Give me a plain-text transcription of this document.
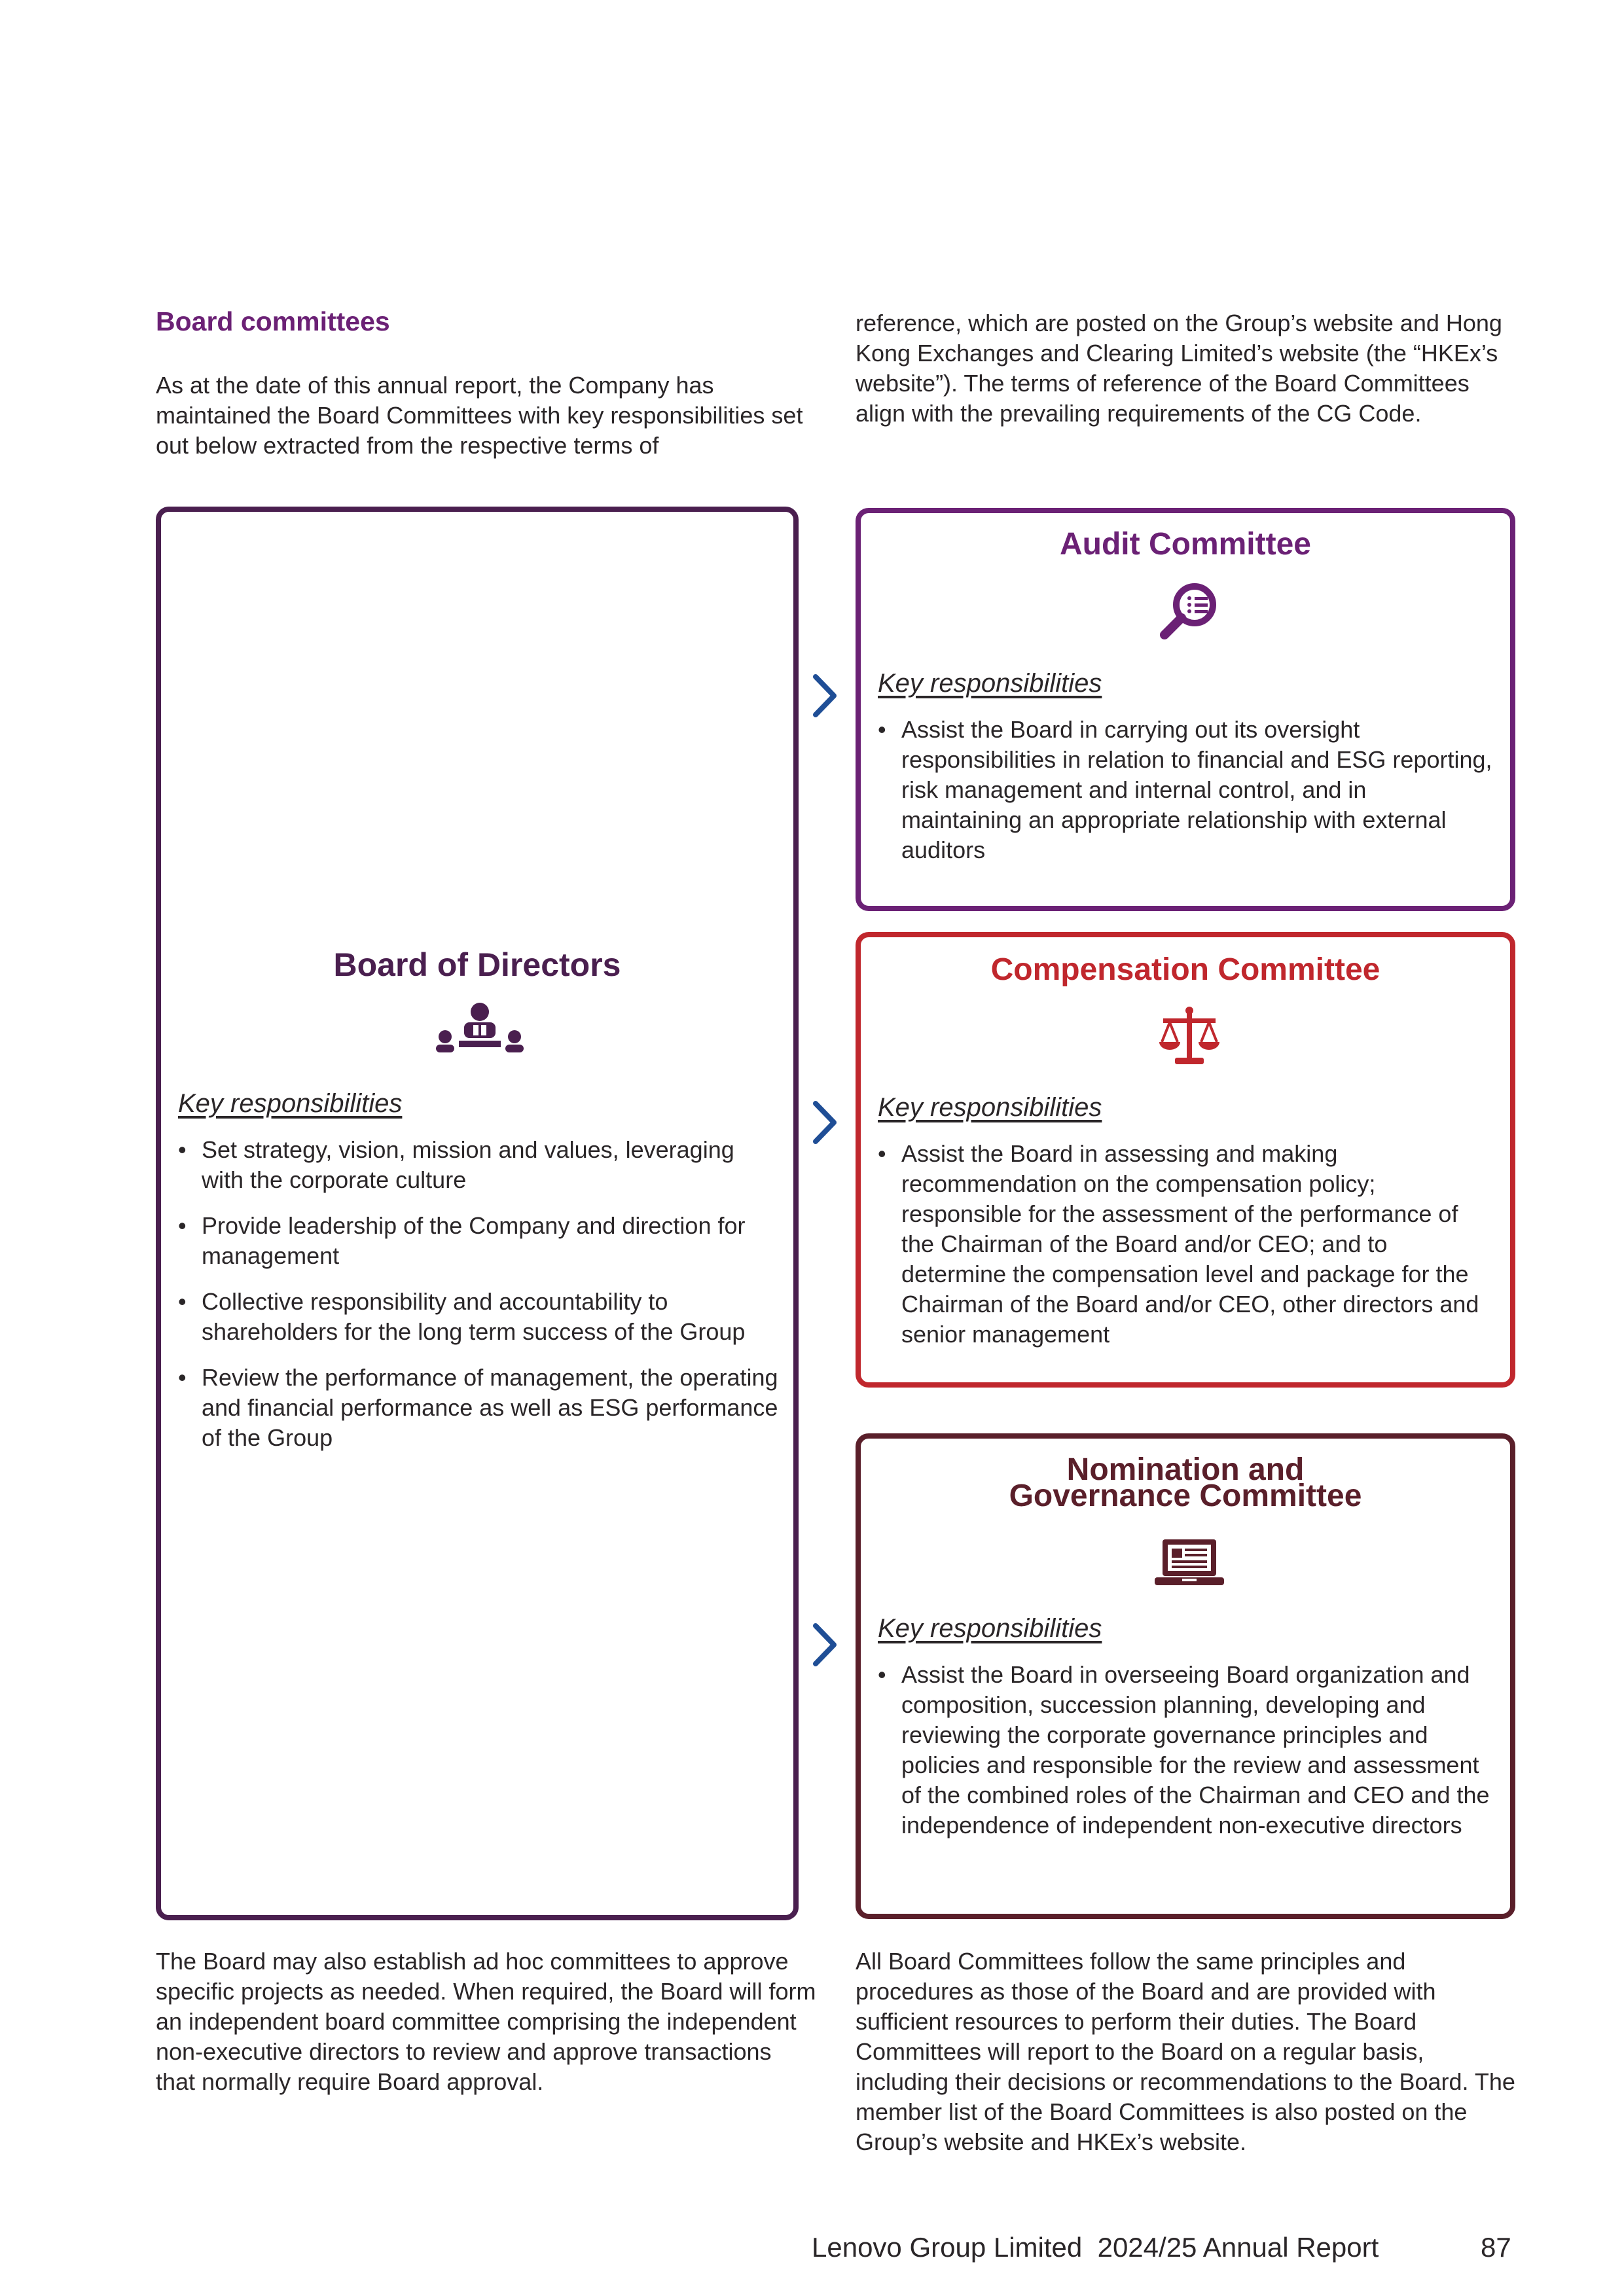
Board committees

As at the date of this annual report, the Company has maintained the Board Committees with key responsibilities set out below extracted from the respective terms of

reference, which are posted on the Group’s website and Hong Kong Exchanges and Clearing Limited’s website (the “HKEx’s website”). The terms of reference of the Board Committees align with the prevailing requirements of the CG Code.

Board of Directors

Key responsibilities

• Set strategy, vision, mission and values, leveraging with the corporate culture
• Provide leadership of the Company and direction for management
• Collective responsibility and accountability to shareholders for the long term success of the Group
• Review the performance of management, the operating and financial performance as well as ESG performance of the Group
Audit Committee

Key responsibilities

• Assist the Board in carrying out its oversight responsibilities in relation to financial and ESG reporting, risk management and internal control, and in maintaining an appropriate relationship with external auditors
Compensation Committee

Key responsibilities

• Assist the Board in assessing and making recommendation on the compensation policy; responsible for the assessment of the performance of the Chairman of the Board and/or CEO; and to determine the compensation level and package for the Chairman of the Board and/or CEO, other directors and senior management
Nomination and
Governance Committee

Key responsibilities

• Assist the Board in overseeing Board organization and composition, succession planning, developing and reviewing the corporate governance principles and policies and responsible for the review and assessment of the combined roles of the Chairman and CEO and the independence of independent non-executive directors

The Board may also establish ad hoc committees to approve specific projects as needed. When required, the Board will form an independent board committee comprising the independent non-executive directors to review and approve transactions that normally require Board approval.

All Board Committees follow the same principles and procedures as those of the Board and are provided with sufficient resources to perform their duties. The Board Committees will report to the Board on a regular basis, including their decisions or recommendations to the Board. The member list of the Board Committees is also posted on the Group’s website and HKEx’s website.

Lenovo Group Limited  2024/25 Annual Report	87
